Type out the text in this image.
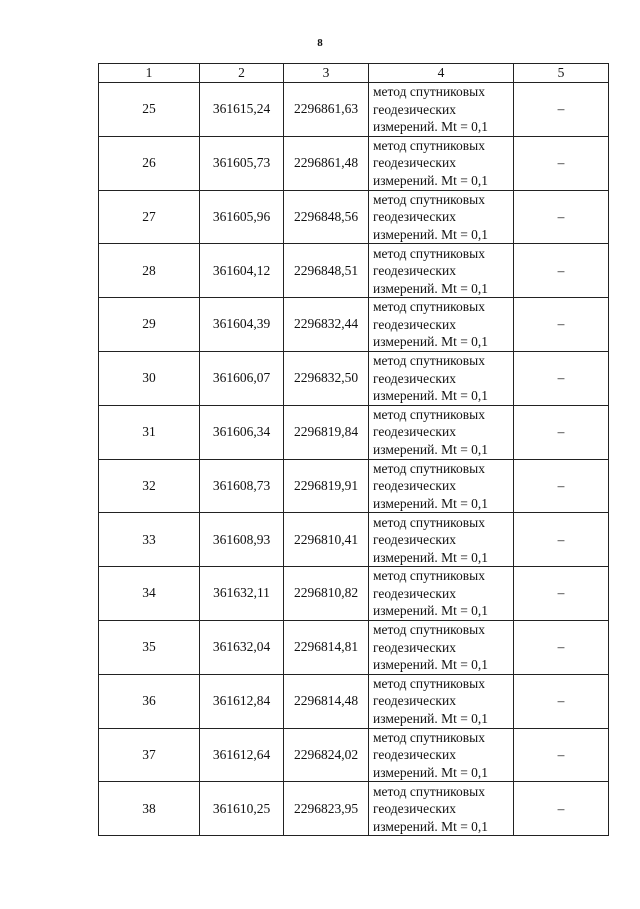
8
1	2	3	4	5
25	361615,24	2296861,63	метод спутниковых
геодезических
измерений. Mt = 0,1	–
26	361605,73	2296861,48	метод спутниковых
геодезических
измерений. Mt = 0,1	–
27	361605,96	2296848,56	метод спутниковых
геодезических
измерений. Mt = 0,1	–
28	361604,12	2296848,51	метод спутниковых
геодезических
измерений. Mt = 0,1	–
29	361604,39	2296832,44	метод спутниковых
геодезических
измерений. Mt = 0,1	–
30	361606,07	2296832,50	метод спутниковых
геодезических
измерений. Mt = 0,1	–
31	361606,34	2296819,84	метод спутниковых
геодезических
измерений. Mt = 0,1	–
32	361608,73	2296819,91	метод спутниковых
геодезических
измерений. Mt = 0,1	–
33	361608,93	2296810,41	метод спутниковых
геодезических
измерений. Mt = 0,1	–
34	361632,11	2296810,82	метод спутниковых
геодезических
измерений. Mt = 0,1	–
35	361632,04	2296814,81	метод спутниковых
геодезических
измерений. Mt = 0,1	–
36	361612,84	2296814,48	метод спутниковых
геодезических
измерений. Mt = 0,1	–
37	361612,64	2296824,02	метод спутниковых
геодезических
измерений. Mt = 0,1	–
38	361610,25	2296823,95	метод спутниковых
геодезических
измерений. Mt = 0,1	–
